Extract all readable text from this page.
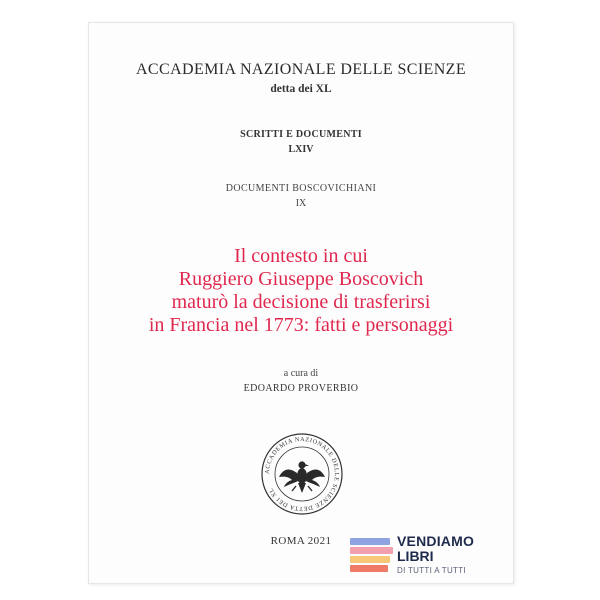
ACCADEMIA NAZIONALE DELLE SCIENZE
detta dei XL
SCRITTI E DOCUMENTI
LXIV
DOCUMENTI BOSCOVICHIANI
IX
Il contesto in cui
Ruggiero Giuseppe Boscovich
maturò la decisione di trasferirsi
in Francia nel 1773: fatti e personaggi
a cura di
EDOARDO PROVERBIO
ACCADEMIA NAZIONALE DELLE SCIENZE DETTA DEI XL
ROMA 2021	VENDIAMO
LIBRI
DI TUTTI A TUTTI
